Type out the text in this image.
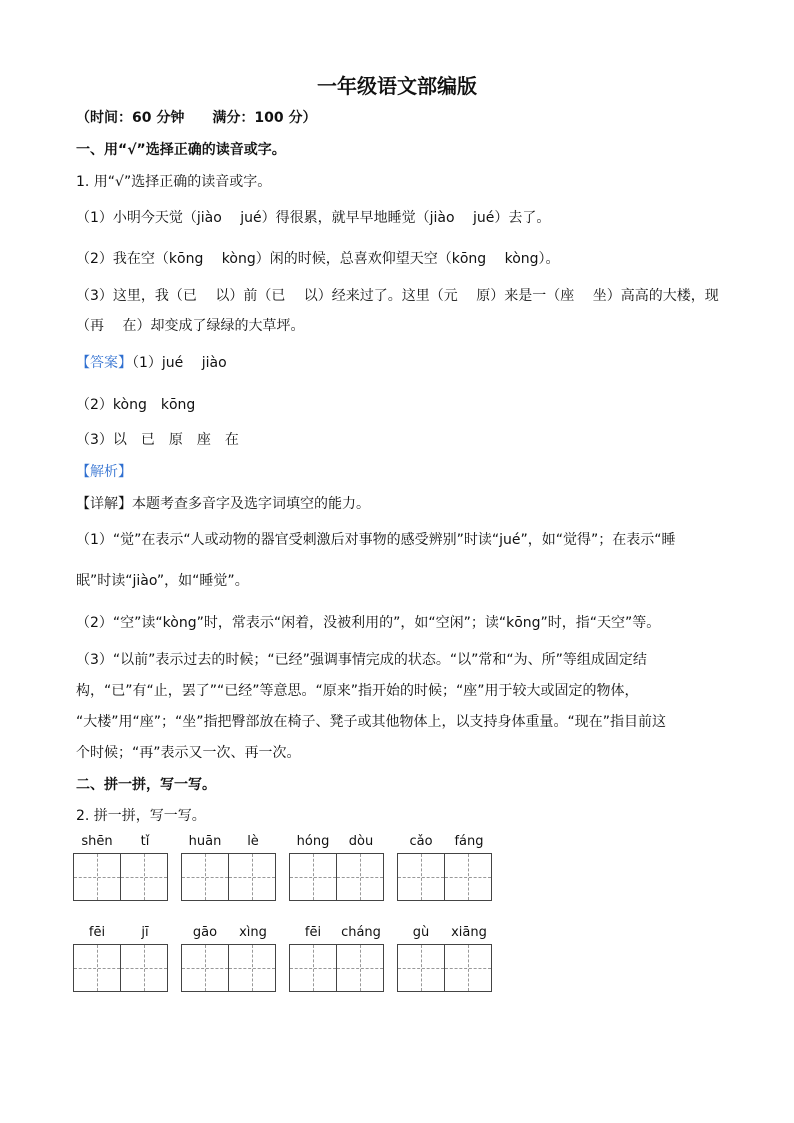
一年级语文部编版
（时间：60 分钟　　满分：100 分）
一、用“√”选择正确的读音或字。
1. 用“√”选择正确的读音或字。
（1）小明今天觉（jiào　 jué）得很累，就早早地睡觉（jiào　 jué）去了。
（2）我在空（kōng　 kòng）闲的时候，总喜欢仰望天空（kōng　 kòng）。
（3）这里，我（已　 以）前（已　 以）经来过了。这里（元　 原）来是一（座　 坐）高高的大楼，现
（再　 在）却变成了绿绿的大草坪。
【答案】（1）jué　 jiào
（2）kòng　kōng
（3）以　已　原　座　在
【解析】
【详解】本题考查多音字及选字词填空的能力。
（1）“觉”在表示“人或动物的器官受刺激后对事物的感受辨别”时读“jué”，如“觉得”；在表示“睡
眠”时读“jiào”，如“睡觉”。
（2）“空”读“kòng”时，常表示“闲着，没被利用的”，如“空闲”；读“kōng”时，指“天空”等。
（3）“以前”表示过去的时候；“已经”强调事情完成的状态。“以”常和“为、所”等组成固定结
构，“已”有“止，罢了”“已经”等意思。“原来”指开始的时候；“座”用于较大或固定的物体，
“大楼”用“座”；“坐”指把臀部放在椅子、凳子或其他物体上，以支持身体重量。“现在”指目前这
个时候；“再”表示又一次、再一次。
二、拼一拼，写一写。
2. 拼一拼，写一写。
shēn	tǐ	huān	lè	hóng	dòu	cǎo	fáng
fēi	jī	gāo	xìng	fēi	cháng	gù	xiāng
